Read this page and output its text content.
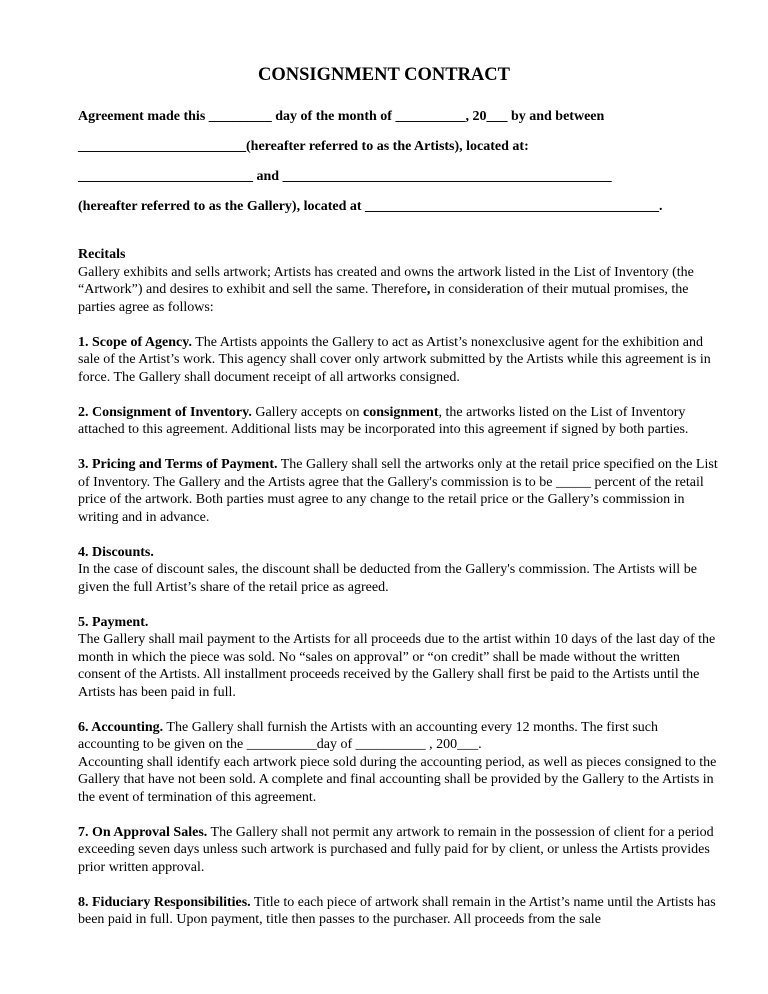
CONSIGNMENT CONTRACT
Agreement made this _________ day of the month of __________, 20___ by and between
________________________(hereafter referred to as the Artists), located at:
_________________________ and _______________________________________________
(hereafter referred to as the Gallery), located at __________________________________________.

Recitals
Gallery exhibits and sells artwork; Artists has created and owns the artwork listed in the List of Inventory (the “Artwork”) and desires to exhibit and sell the same. Therefore, in consideration of their mutual promises, the parties agree as follows:

1. Scope of Agency. The Artists appoints the Gallery to act as Artist’s nonexclusive agent for the exhibition and sale of the Artist’s work. This agency shall cover only artwork submitted by the Artists while this agreement is in force. The Gallery shall document receipt of all artworks consigned.

2. Consignment of Inventory. Gallery accepts on consignment, the artworks listed on the List of Inventory attached to this agreement. Additional lists may be incorporated into this agreement if signed by both parties.

3. Pricing and Terms of Payment. The Gallery shall sell the artworks only at the retail price specified on the List of Inventory. The Gallery and the Artists agree that the Gallery's commission is to be _____ percent of the retail price of the artwork. Both parties must agree to any change to the retail price or the Gallery’s commission in writing and in advance.

4. Discounts.
In the case of discount sales, the discount shall be deducted from the Gallery's commission. The Artists will be given the full Artist’s share of the retail price as agreed.

5. Payment.
The Gallery shall mail payment to the Artists for all proceeds due to the artist within 10 days of the last day of the month in which the piece was sold. No “sales on approval” or “on credit” shall be made without the written consent of the Artists. All installment proceeds received by the Gallery shall first be paid to the Artists until the Artists has been paid in full.

6. Accounting. The Gallery shall furnish the Artists with an accounting every 12 months. The first such accounting to be given on the __________day of __________ , 200___.
Accounting shall identify each artwork piece sold during the accounting period, as well as pieces consigned to the Gallery that have not been sold. A complete and final accounting shall be provided by the Gallery to the Artists in the event of termination of this agreement.

7. On Approval Sales. The Gallery shall not permit any artwork to remain in the possession of client for a period exceeding seven days unless such artwork is purchased and fully paid for by client, or unless the Artists provides prior written approval.

8. Fiduciary Responsibilities. Title to each piece of artwork shall remain in the Artist’s name until the Artists has been paid in full. Upon payment, title then passes to the purchaser. All proceeds from the sale
